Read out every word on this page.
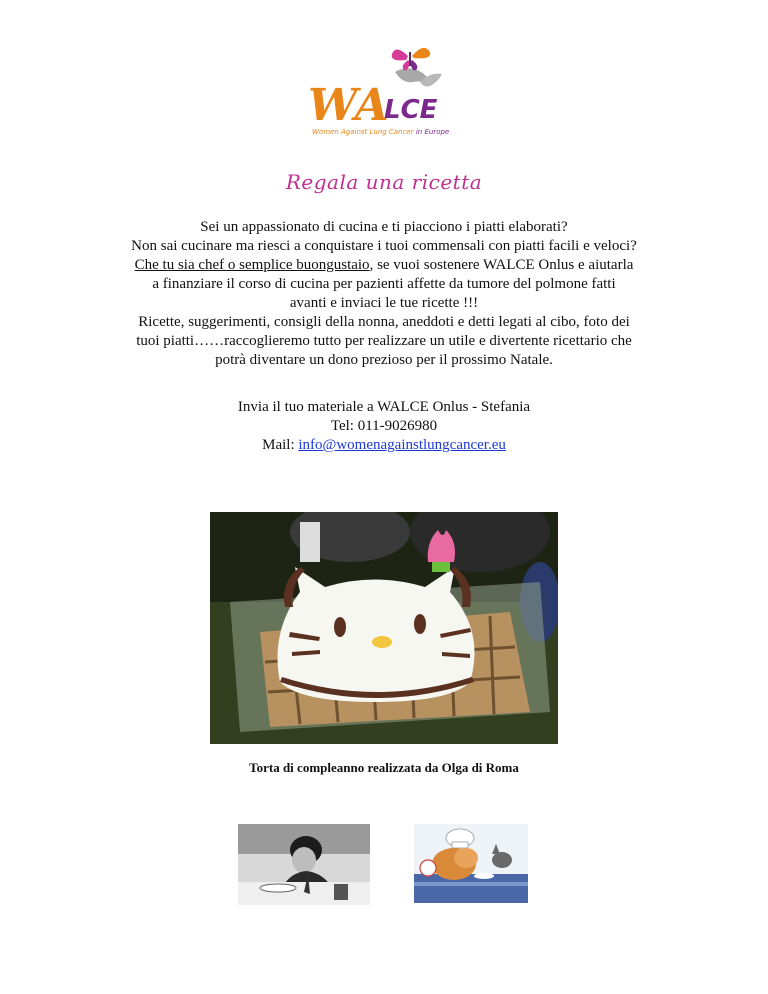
WA
LCE
Women Against Lung Cancer in Europe
Regala una ricetta
Sei un appassionato di cucina e ti piacciono i piatti elaborati?
Non sai cucinare ma riesci a conquistare i tuoi commensali con piatti facili e veloci?
Che tu sia chef o semplice buongustaio, se vuoi sostenere WALCE Onlus e aiutarla
a finanziare il corso di cucina per pazienti affette da tumore del polmone fatti
avanti e inviaci le tue ricette !!!
Ricette, suggerimenti, consigli della nonna, aneddoti e detti legati al cibo, foto dei
tuoi piatti……raccoglieremo tutto per realizzare un utile e divertente ricettario che
potrà diventare un dono prezioso per il prossimo Natale.
Invia il tuo materiale a WALCE Onlus - Stefania
Tel: 011-9026980
Mail: info@womenagainstlungcancer.eu
Torta di compleanno realizzata da Olga di Roma
